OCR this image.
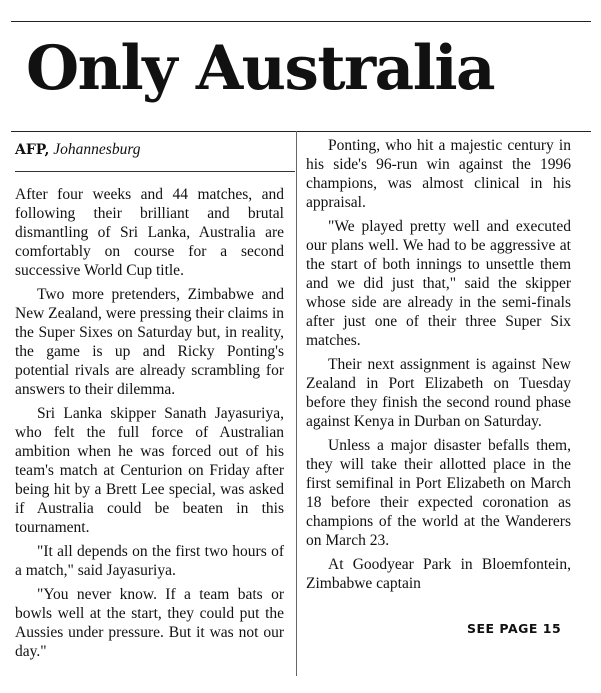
Only Australia
AFP, Johannesburg

After four weeks and 44 matches, and following their brilliant and brutal dismantling of Sri Lanka, Australia are comfortably on course for a second successive World Cup title.

Two more pretenders, Zimbabwe and New Zealand, were pressing their claims in the Super Sixes on Saturday but, in reality, the game is up and Ricky Ponting's potential rivals are already scrambling for answers to their dilemma.

Sri Lanka skipper Sanath Jayasuriya, who felt the full force of Australian ambition when he was forced out of his team's match at Centurion on Friday after being hit by a Brett Lee special, was asked if Australia could be beaten in this tournament.

"It all depends on the first two hours of a match," said Jayasuriya.

"You never know. If a team bats or bowls well at the start, they could put the Aussies under pressure. But it was not our day."

Ponting, who hit a majestic century in his side's 96-run win against the 1996 champions, was almost clinical in his appraisal.

"We played pretty well and executed our plans well. We had to be aggressive at the start of both innings to unsettle them and we did just that," said the skipper whose side are already in the semi-finals after just one of their three Super Six matches.

Their next assignment is against New Zealand in Port Elizabeth on Tuesday before they finish the second round phase against Kenya in Durban on Saturday.

Unless a major disaster befalls them, they will take their allotted place in the first semifinal in Port Elizabeth on March 18 before their expected coronation as champions of the world at the Wanderers on March 23.

At Goodyear Park in Bloemfontein, Zimbabwe captain

SEE PAGE 15
